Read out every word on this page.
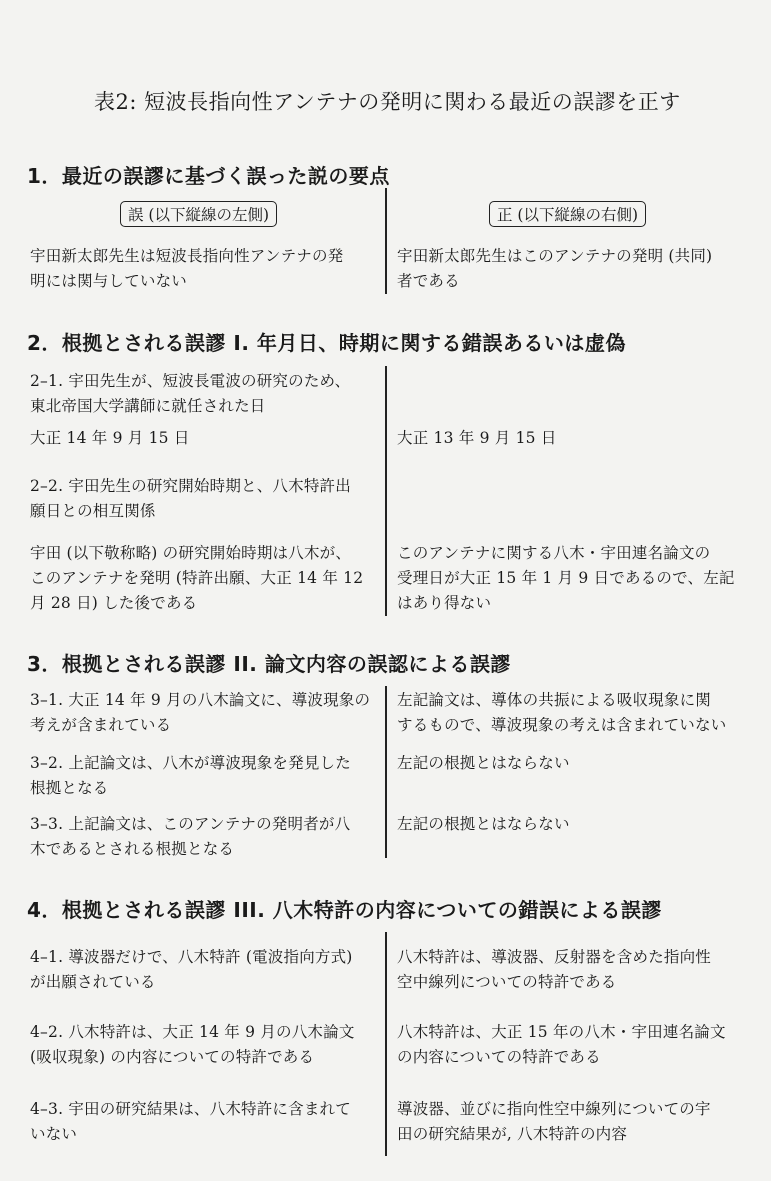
表2: 短波長指向性アンテナの発明に関わる最近の誤謬を正す
1．最近の誤謬に基づく誤った説の要点
誤 (以下縦線の左側)	正 (以下縦線の右側)
宇田新太郎先生は短波長指向性アンテナの発
明には関与していない
宇田新太郎先生はこのアンテナの発明 (共同)
者である
2．根拠とされる誤謬 I. 年月日、時期に関する錯誤あるいは虚偽
2–1. 宇田先生が、短波長電波の研究のため、
東北帝国大学講師に就任された日
大正 14 年 9 月 15 日	大正 13 年 9 月 15 日
2–2. 宇田先生の研究開始時期と、八木特許出
願日との相互関係
宇田 (以下敬称略) の研究開始時期は八木が、
このアンテナを発明 (特許出願、大正 14 年 12
月 28 日) した後である
このアンテナに関する八木・宇田連名論文の
受理日が大正 15 年 1 月 9 日であるので、左記
はあり得ない
3．根拠とされる誤謬 II. 論文内容の誤認による誤謬
3–1. 大正 14 年 9 月の八木論文に、導波現象の
考えが含まれている
左記論文は、導体の共振による吸収現象に関
するもので、導波現象の考えは含まれていない
3–2. 上記論文は、八木が導波現象を発見した
根拠となる
左記の根拠とはならない
3–3. 上記論文は、このアンテナの発明者が八
木であるとされる根拠となる
左記の根拠とはならない
4．根拠とされる誤謬 III. 八木特許の内容についての錯誤による誤謬
4–1. 導波器だけで、八木特許 (電波指向方式)
が出願されている
八木特許は、導波器、反射器を含めた指向性
空中線列についての特許である
4–2. 八木特許は、大正 14 年 9 月の八木論文
(吸収現象) の内容についての特許である
八木特許は、大正 15 年の八木・宇田連名論文
の内容についての特許である
4–3. 宇田の研究結果は、八木特許に含まれて
いない
導波器、並びに指向性空中線列についての宇
田の研究結果が, 八木特許の内容
